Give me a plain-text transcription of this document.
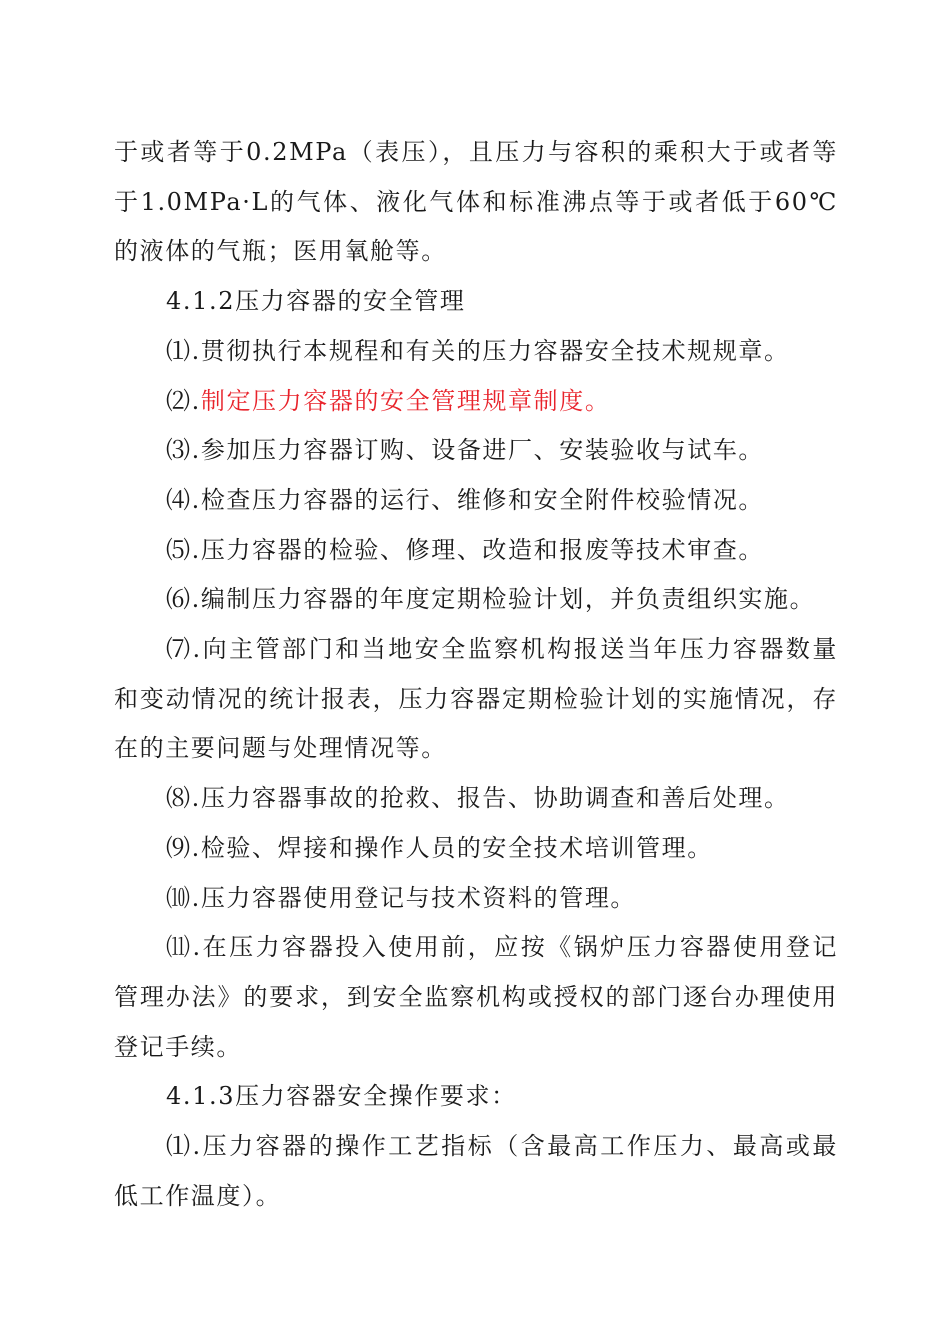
于或者等于0.2MPa（表压），且压力与容积的乘积大于或者等于1.0MPa·L的气体、液化气体和标准沸点等于或者低于60℃的液体的气瓶；医用氧舱等。

4.1.2压力容器的安全管理

⑴.贯彻执行本规程和有关的压力容器安全技术规规章。

⑵.制定压力容器的安全管理规章制度。

⑶.参加压力容器订购、设备进厂、安装验收与试车。

⑷.检查压力容器的运行、维修和安全附件校验情况。

⑸.压力容器的检验、修理、改造和报废等技术审查。

⑹.编制压力容器的年度定期检验计划，并负责组织实施。

⑺.向主管部门和当地安全监察机构报送当年压力容器数量和变动情况的统计报表，压力容器定期检验计划的实施情况，存在的主要问题与处理情况等。

⑻.压力容器事故的抢救、报告、协助调查和善后处理。

⑼.检验、焊接和操作人员的安全技术培训管理。

⑽.压力容器使用登记与技术资料的管理。

⑾.在压力容器投入使用前，应按《锅炉压力容器使用登记管理办法》的要求，到安全监察机构或授权的部门逐台办理使用登记手续。

4.1.3压力容器安全操作要求：

⑴.压力容器的操作工艺指标（含最高工作压力、最高或最低工作温度）。
